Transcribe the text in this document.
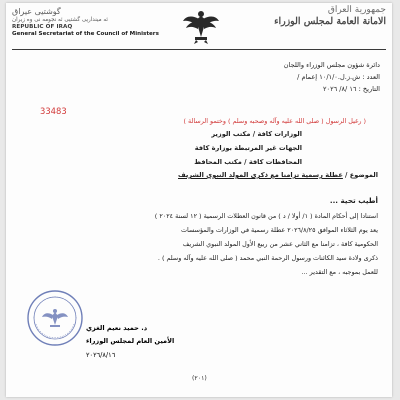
گوشتیی عیراق
ئه مینداریی گشتیی ئه نجومه نی وه زیران
REPUBLIC OF IRAQ
General Secretariat of the Council of Ministers
جمهورية العراق
الامانة العامة لمجلس الوزراء
دائرة شؤون مجلس الوزراء واللجان
العدد : ش.ز.ل.١٠/١/٠ إعمام /
التاريخ : ١٦ /٨/ ٢٠٢٦
33483
( رغيل الرسول ( صلى الله عليه وآله وصحبه وسلم ) وختمو الرسالة )
الوزارات كافة / مكتب الوزير
الجهات غير المرتبطة بوزارة كافة
المحافظات كافة / مكتب المحافظ
الموضوع / عطلة رسمية تزامنا مع ذكرى المولد النبوي الشريف
أطيب تحية ...
استنادا إلى أحكام المادة ( ١/ أولا / د ) من قانون العطلات الرسمية ( ١٢ لسنة ٢٠٢٤ )
يعد يوم الثلاثاء الموافق ٢٠٢٦/٨/٢٥ عطلة رسمية في الوزارات والمؤسسات
الحكومية كافة ، تزامنا مع الثاني عشر من ربيع الأول المولد النبوي الشريف
ذكرى ولادة سيد الكائنات ورسول الرحمة النبي محمد ( صلى الله عليه وآله وسلم ) .
للعمل بموجبه ، مع التقدير ...
د. حميد نعيم الغزي
الأمين العام لمجلس الوزراء
٢٠٢٦/٨/١٦
(٢٠١)
